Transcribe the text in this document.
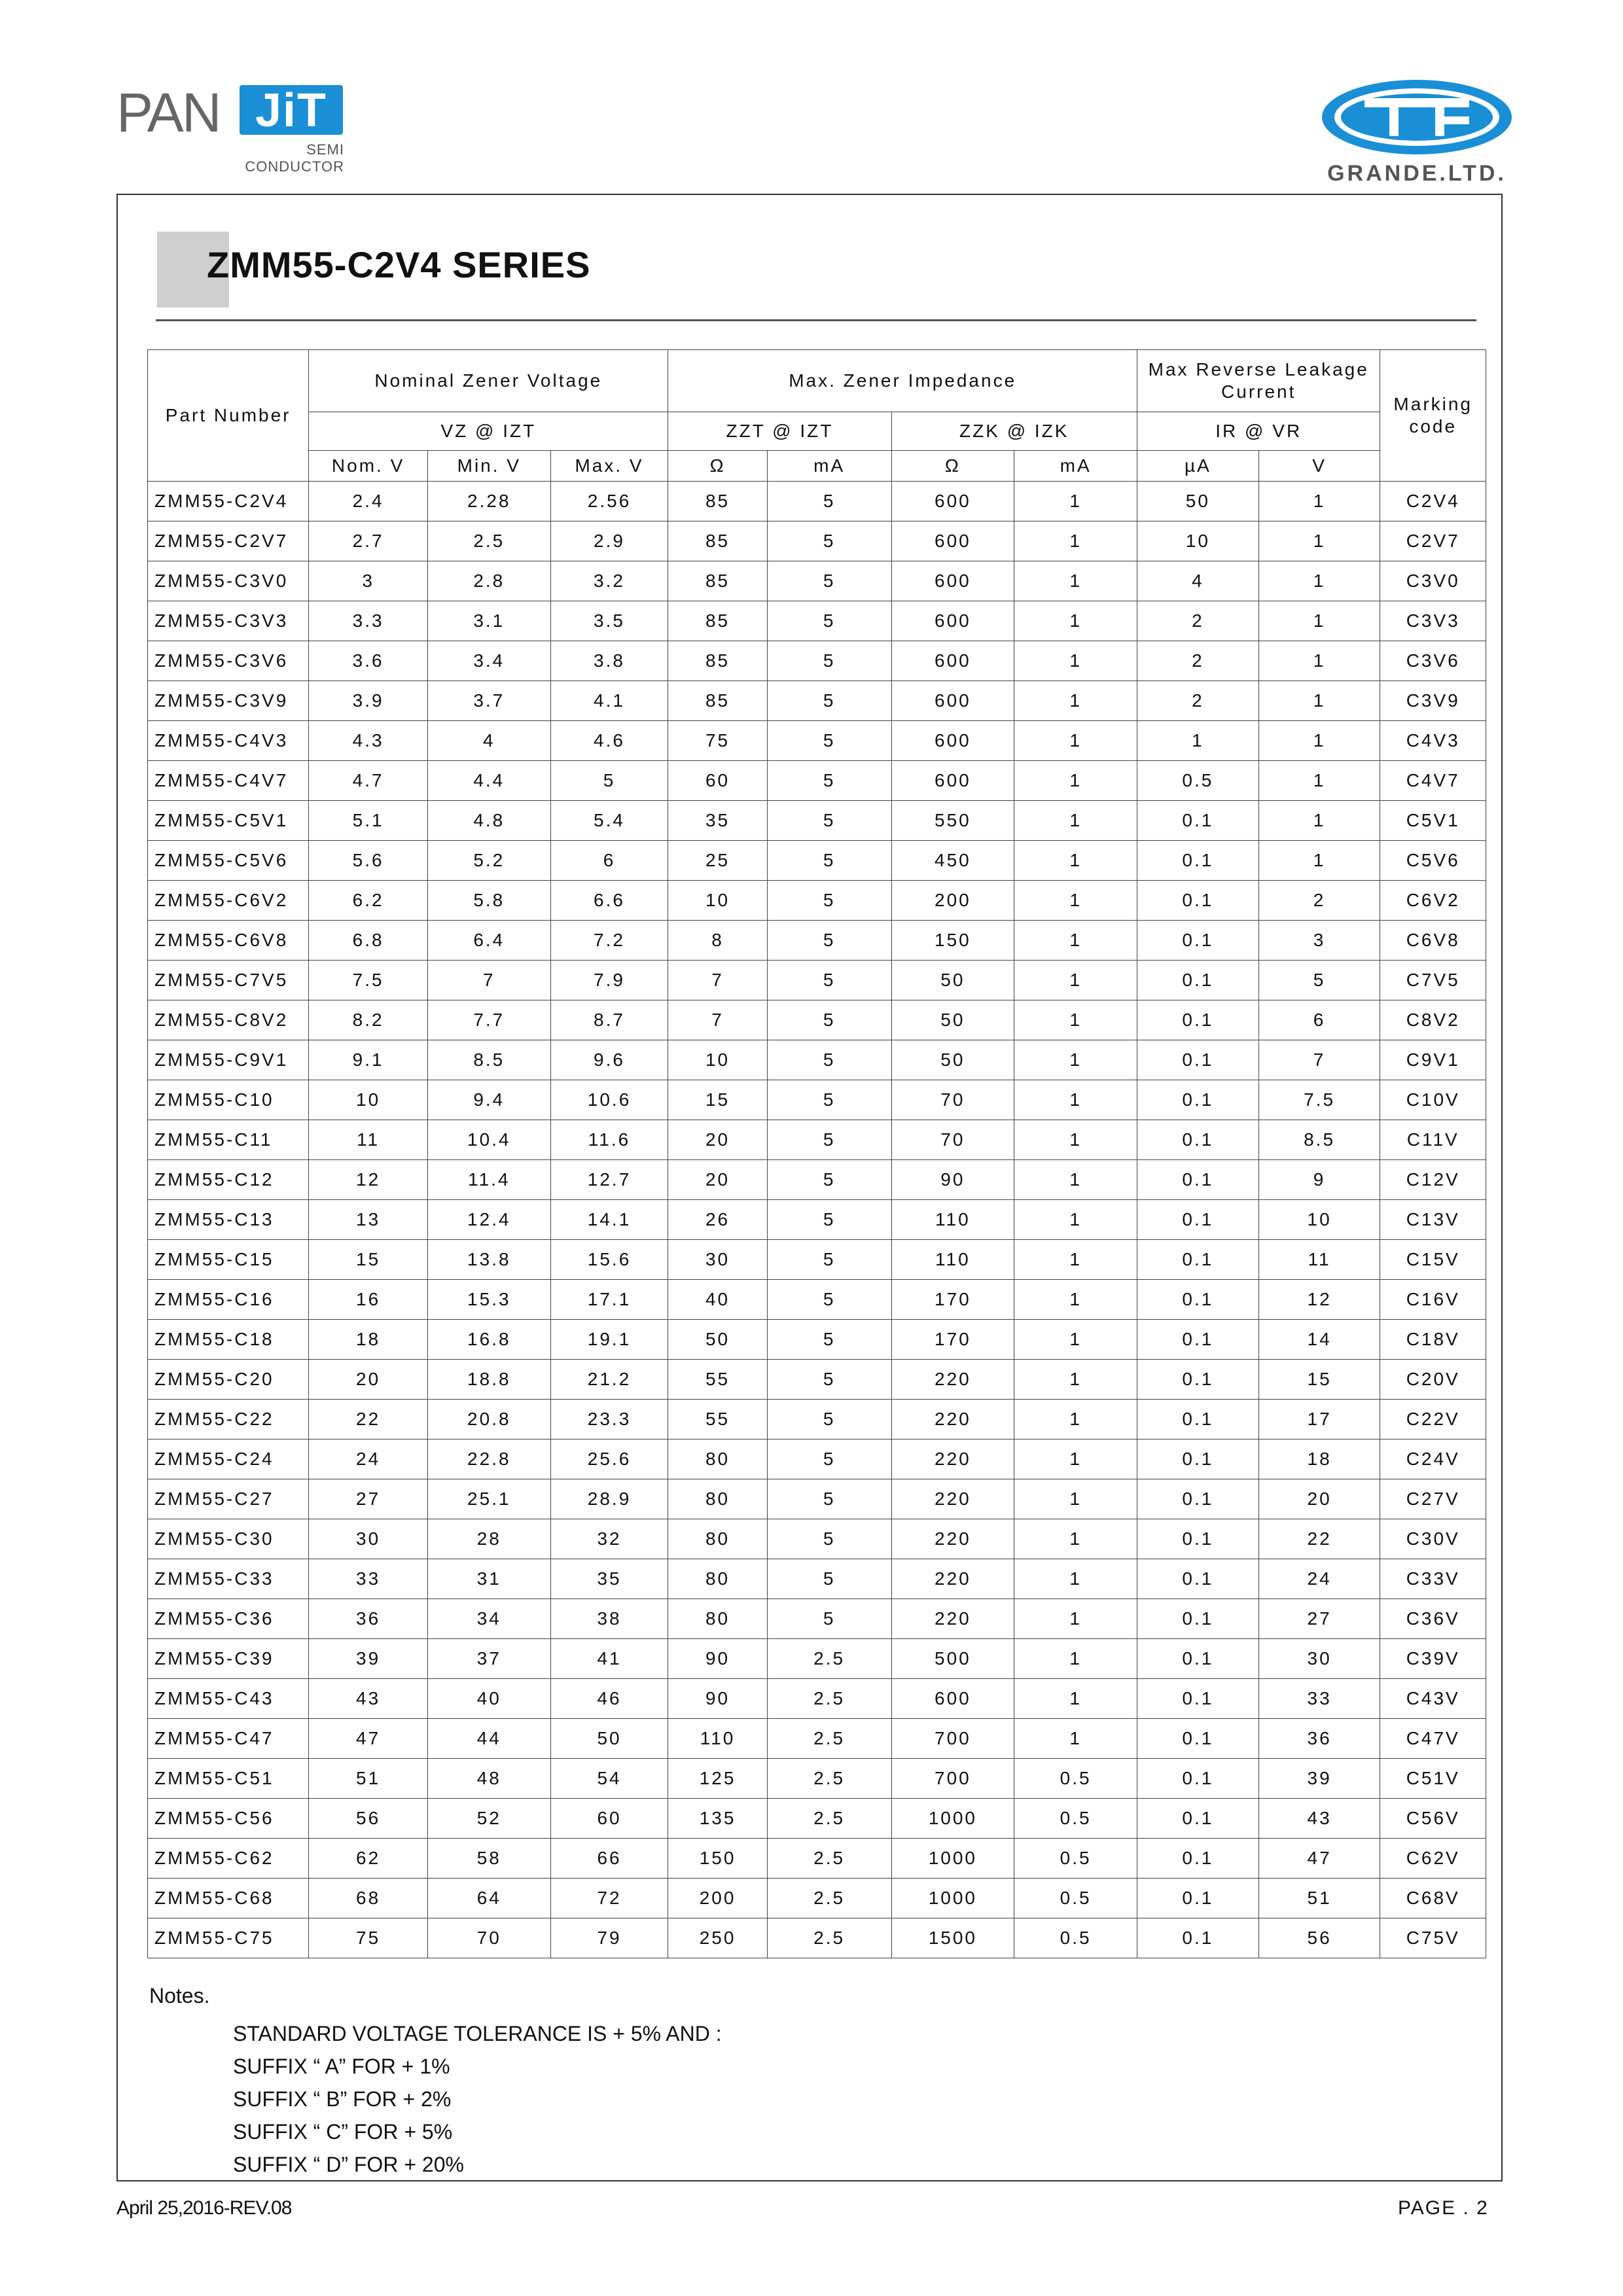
PAN JiT
SEMI
CONDUCTOR	GRANDE.LTD.
ZMM55-C2V4 SERIES
Part Number	Nominal Zener Voltage			Max. Zener Impedance				Max Reverse Leakage Current		Marking code
	VZ @ IZT			ZZT @ IZT		ZZK @ IZK		IR @ VR		
	Nom. V	Min. V	Max. V	Ω	mA	Ω	mA	µA	V	
ZMM55-C2V4	2.4	2.28	2.56	85	5	600	1	50	1	C2V4
ZMM55-C2V7	2.7	2.5	2.9	85	5	600	1	10	1	C2V7
ZMM55-C3V0	3	2.8	3.2	85	5	600	1	4	1	C3V0
ZMM55-C3V3	3.3	3.1	3.5	85	5	600	1	2	1	C3V3
ZMM55-C3V6	3.6	3.4	3.8	85	5	600	1	2	1	C3V6
ZMM55-C3V9	3.9	3.7	4.1	85	5	600	1	2	1	C3V9
ZMM55-C4V3	4.3	4	4.6	75	5	600	1	1	1	C4V3
ZMM55-C4V7	4.7	4.4	5	60	5	600	1	0.5	1	C4V7
ZMM55-C5V1	5.1	4.8	5.4	35	5	550	1	0.1	1	C5V1
ZMM55-C5V6	5.6	5.2	6	25	5	450	1	0.1	1	C5V6
ZMM55-C6V2	6.2	5.8	6.6	10	5	200	1	0.1	2	C6V2
ZMM55-C6V8	6.8	6.4	7.2	8	5	150	1	0.1	3	C6V8
ZMM55-C7V5	7.5	7	7.9	7	5	50	1	0.1	5	C7V5
ZMM55-C8V2	8.2	7.7	8.7	7	5	50	1	0.1	6	C8V2
ZMM55-C9V1	9.1	8.5	9.6	10	5	50	1	0.1	7	C9V1
ZMM55-C10	10	9.4	10.6	15	5	70	1	0.1	7.5	C10V
ZMM55-C11	11	10.4	11.6	20	5	70	1	0.1	8.5	C11V
ZMM55-C12	12	11.4	12.7	20	5	90	1	0.1	9	C12V
ZMM55-C13	13	12.4	14.1	26	5	110	1	0.1	10	C13V
ZMM55-C15	15	13.8	15.6	30	5	110	1	0.1	11	C15V
ZMM55-C16	16	15.3	17.1	40	5	170	1	0.1	12	C16V
ZMM55-C18	18	16.8	19.1	50	5	170	1	0.1	14	C18V
ZMM55-C20	20	18.8	21.2	55	5	220	1	0.1	15	C20V
ZMM55-C22	22	20.8	23.3	55	5	220	1	0.1	17	C22V
ZMM55-C24	24	22.8	25.6	80	5	220	1	0.1	18	C24V
ZMM55-C27	27	25.1	28.9	80	5	220	1	0.1	20	C27V
ZMM55-C30	30	28	32	80	5	220	1	0.1	22	C30V
ZMM55-C33	33	31	35	80	5	220	1	0.1	24	C33V
ZMM55-C36	36	34	38	80	5	220	1	0.1	27	C36V
ZMM55-C39	39	37	41	90	2.5	500	1	0.1	30	C39V
ZMM55-C43	43	40	46	90	2.5	600	1	0.1	33	C43V
ZMM55-C47	47	44	50	110	2.5	700	1	0.1	36	C47V
ZMM55-C51	51	48	54	125	2.5	700	0.5	0.1	39	C51V
ZMM55-C56	56	52	60	135	2.5	1000	0.5	0.1	43	C56V
ZMM55-C62	62	58	66	150	2.5	1000	0.5	0.1	47	C62V
ZMM55-C68	68	64	72	200	2.5	1000	0.5	0.1	51	C68V
ZMM55-C75	75	70	79	250	2.5	1500	0.5	0.1	56	C75V
Notes.
STANDARD VOLTAGE TOLERANCE IS + 5% AND :
SUFFIX “ A” FOR + 1%
SUFFIX “ B” FOR + 2%
SUFFIX “ C” FOR + 5%
SUFFIX “ D” FOR + 20%
April 25,2016-REV.08	PAGE . 2
